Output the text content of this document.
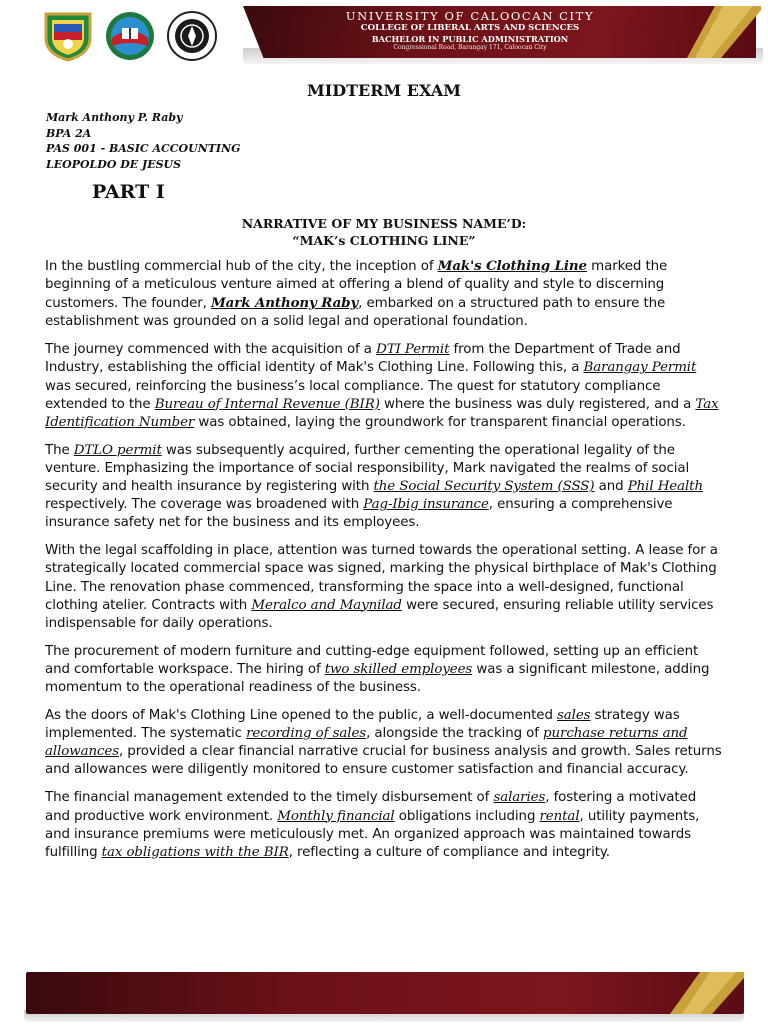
UNIVERSITY OF CALOOCAN CITY
COLLEGE OF LIBERAL ARTS AND SCIENCES
BACHELOR IN PUBLIC ADMINISTRATION
Congressional Road, Barangay 171, Caloocan City
MIDTERM EXAM
Mark Anthony P. Raby
BPA 2A
PAS 001 - BASIC ACCOUNTING
LEOPOLDO DE JESUS
PART I
NARRATIVE OF MY BUSINESS NAME’D:
“MAK’s CLOTHING LINE”

In the bustling commercial hub of the city, the inception of Mak's Clothing Line marked the beginning of a meticulous venture aimed at offering a blend of quality and style to discerning customers. The founder, Mark Anthony Raby, embarked on a structured path to ensure the establishment was grounded on a solid legal and operational foundation.

The journey commenced with the acquisition of a DTI Permit from the Department of Trade and Industry, establishing the official identity of Mak's Clothing Line. Following this, a Barangay Permit was secured, reinforcing the business’s local compliance. The quest for statutory compliance extended to the Bureau of Internal Revenue (BIR) where the business was duly registered, and a Tax Identification Number was obtained, laying the groundwork for transparent financial operations.

The DTLO permit was subsequently acquired, further cementing the operational legality of the venture. Emphasizing the importance of social responsibility, Mark navigated the realms of social security and health insurance by registering with the Social Security System (SSS) and Phil Health respectively. The coverage was broadened with Pag-Ibig insurance, ensuring a comprehensive insurance safety net for the business and its employees.

With the legal scaffolding in place, attention was turned towards the operational setting. A lease for a strategically located commercial space was signed, marking the physical birthplace of Mak's Clothing Line. The renovation phase commenced, transforming the space into a well-designed, functional clothing atelier. Contracts with Meralco and Maynilad were secured, ensuring reliable utility services indispensable for daily operations.

The procurement of modern furniture and cutting-edge equipment followed, setting up an efficient and comfortable workspace. The hiring of two skilled employees was a significant milestone, adding momentum to the operational readiness of the business.

As the doors of Mak's Clothing Line opened to the public, a well-documented sales strategy was implemented. The systematic recording of sales, alongside the tracking of purchase returns and allowances, provided a clear financial narrative crucial for business analysis and growth. Sales returns and allowances were diligently monitored to ensure customer satisfaction and financial accuracy.

The financial management extended to the timely disbursement of salaries, fostering a motivated and productive work environment. Monthly financial obligations including rental, utility payments, and insurance premiums were meticulously met. An organized approach was maintained towards fulfilling tax obligations with the BIR, reflecting a culture of compliance and integrity.
